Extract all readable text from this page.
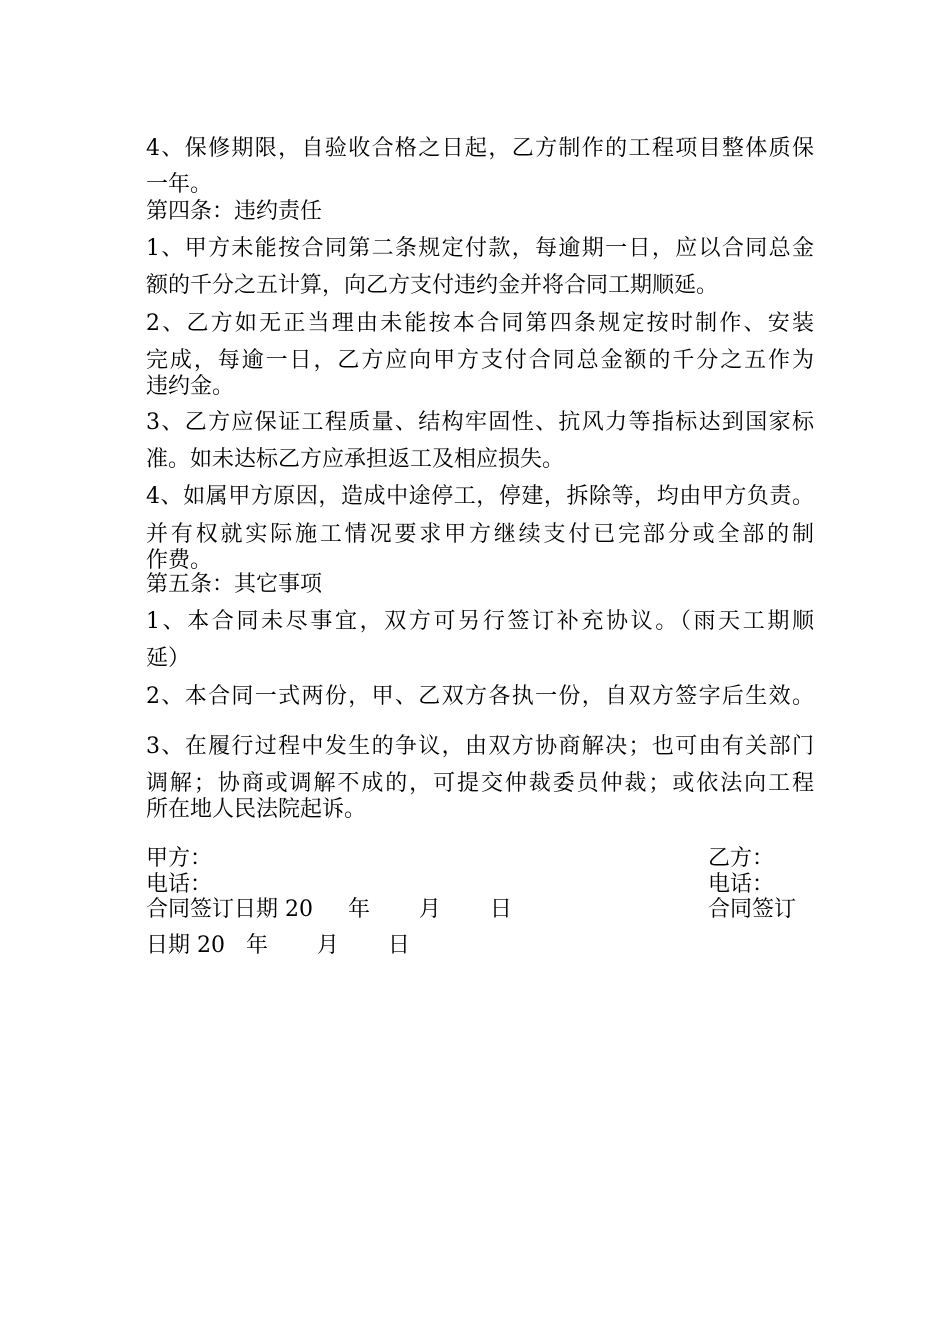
4、保修期限，自验收合格之日起，乙方制作的工程项目整体质保
一年。
第四条：违约责任
1、甲方未能按合同第二条规定付款，每逾期一日，应以合同总金
额的千分之五计算，向乙方支付违约金并将合同工期顺延。
2、乙方如无正当理由未能按本合同第四条规定按时制作、安装
完成，每逾一日，乙方应向甲方支付合同总金额的千分之五作为
违约金。
3、乙方应保证工程质量、结构牢固性、抗风力等指标达到国家标
准。如未达标乙方应承担返工及相应损失。
4、如属甲方原因，造成中途停工，停建，拆除等，均由甲方负责。
并有权就实际施工情况要求甲方继续支付已完部分或全部的制
作费。
第五条：其它事项
1、本合同未尽事宜，双方可另行签订补充协议。（雨天工期顺
延）
2、本合同一式两份，甲、乙双方各执一份，自双方签字后生效。
3、在履行过程中发生的争议，由双方协商解决；也可由有关部门
调解；协商或调解不成的，可提交仲裁委员仲裁；或依法向工程
所在地人民法院起诉。
甲方：	乙方：
电话：	电话：
合同签订日期 20     年       月       日	合同签订
日期 20   年       月       日
